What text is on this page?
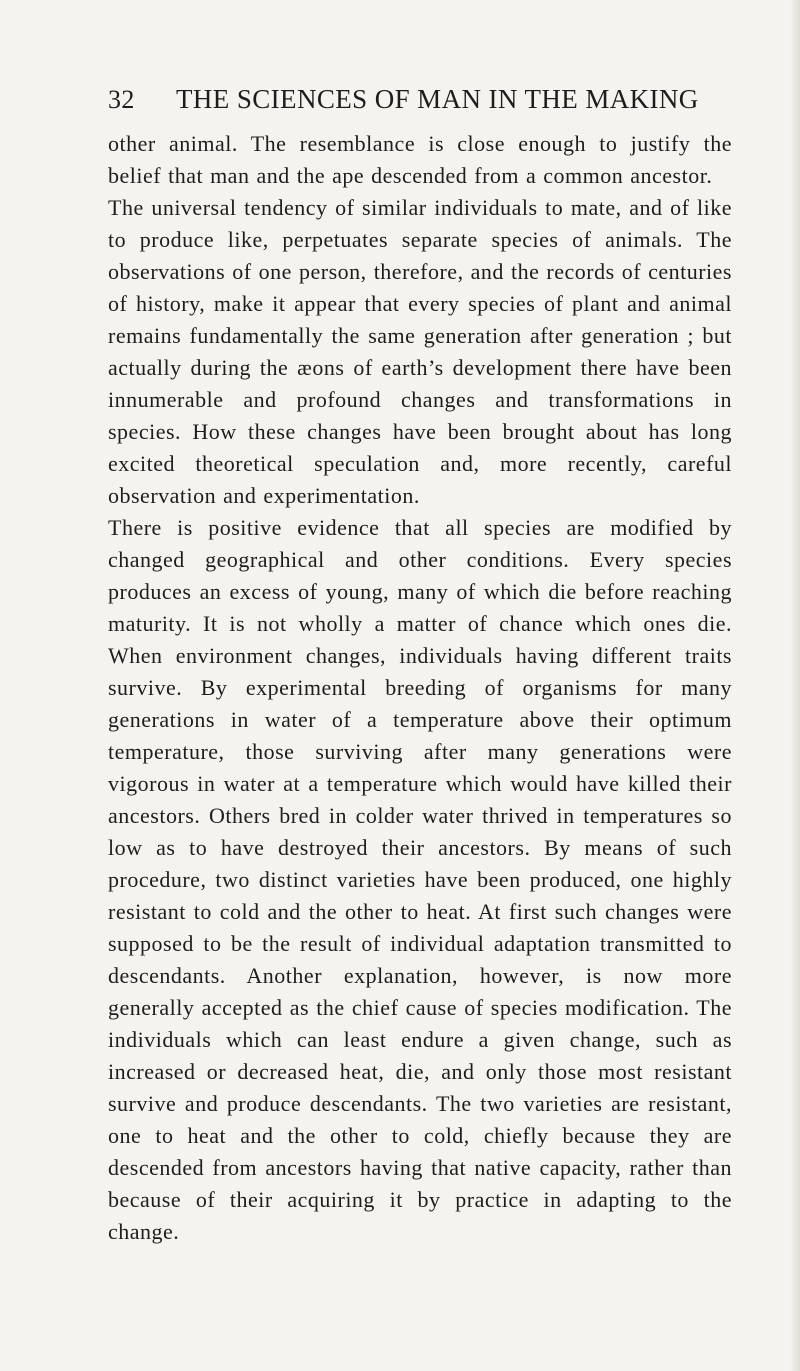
32 THE SCIENCES OF MAN IN THE MAKING

other animal. The resemblance is close enough to justify the belief that man and the ape descended from a common ancestor.

The universal tendency of similar individuals to mate, and of like to produce like, perpetuates separate species of animals. The observations of one person, therefore, and the records of centuries of history, make it appear that every species of plant and animal remains fundamentally the same generation after generation ; but actually during the æons of earth’s development there have been innumerable and profound changes and transformations in species. How these changes have been brought about has long excited theoretical speculation and, more recently, careful observation and experimentation.

There is positive evidence that all species are modified by changed geographical and other conditions. Every species produces an excess of young, many of which die before reaching maturity. It is not wholly a matter of chance which ones die. When environment changes, individuals having different traits survive. By experimental breeding of organisms for many generations in water of a temperature above their optimum temperature, those surviving after many generations were vigorous in water at a temperature which would have killed their ancestors. Others bred in colder water thrived in temperatures so low as to have destroyed their ancestors. By means of such procedure, two distinct varieties have been produced, one highly resistant to cold and the other to heat. At first such changes were supposed to be the result of individual adaptation transmitted to descendants. Another explanation, however, is now more generally accepted as the chief cause of species modification. The individuals which can least endure a given change, such as increased or decreased heat, die, and only those most resistant survive and produce descendants. The two varieties are resistant, one to heat and the other to cold, chiefly because they are descended from ancestors having that native capacity, rather than because of their acquiring it by practice in adapting to the change.
